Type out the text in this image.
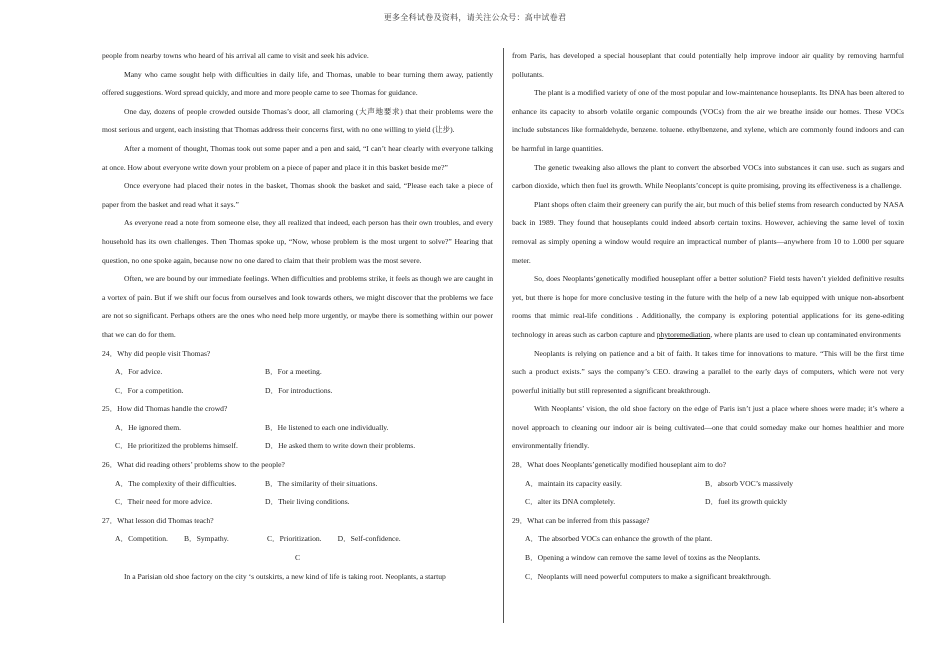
更多全科试卷及资料，请关注公众号：高中试卷君

people from nearby towns who heard of his arrival all came to visit and seek his advice.

Many who came sought help with difficulties in daily life, and Thomas, unable to bear turning them away, patiently offered suggestions. Word spread quickly, and more and more people came to see Thomas for guidance.

One day, dozens of people crowded outside Thomas’s door, all clamoring (大声地要求) that their problems were the most serious and urgent, each insisting that Thomas address their concerns first, with no one willing to yield (让步).

After a moment of thought, Thomas took out some paper and a pen and said, “I can’t hear clearly with everyone talking at once. How about everyone write down your problem on a piece of paper and place it in this basket beside me?”

Once everyone had placed their notes in the basket, Thomas shook the basket and said, “Please each take a piece of paper from the basket and read what it says.”

As everyone read a note from someone else, they all realized that indeed, each person has their own troubles, and every household has its own challenges. Then Thomas spoke up, “Now, whose problem is the most urgent to solve?” Hearing that question, no one spoke again, because now no one dared to claim that their problem was the most severe.

Often, we are bound by our immediate feelings. When difficulties and problems strike, it feels as though we are caught in a vortex of pain. But if we shift our focus from ourselves and look towards others, we might discover that the problems we face are not so significant. Perhaps others are the ones who need help more urgently, or maybe there is something within our power that we can do for them.

24．Why did people visit Thomas?

A．For advice.	B．For a meeting.
C．For a competition.	D．For introductions.

25．How did Thomas handle the crowd?

A．He ignored them.	B．He listened to each one individually.
C．He prioritized the problems himself.	D．He asked them to write down their problems.

26．What did reading others’ problems show to the people?

A．The complexity of their difficulties.	B．The similarity of their situations.
C．Their need for more advice.	D．Their living conditions.

27．What lesson did Thomas teach?

A．Competition. B．Sympathy.	C．Prioritization. D．Self-confidence.

C

In a Parisian old shoe factory on the city ‘s outskirts, a new kind of life is taking root. Neoplants, a startup

from Paris, has developed a special houseplant that could potentially help improve indoor air quality by removing harmful pollutants.

The plant is a modified variety of one of the most popular and low-maintenance houseplants. Its DNA has been altered to enhance its capacity to absorb volatile organic compounds (VOCs) from the air we breathe inside our homes. These VOCs include substances like formaldehyde, benzene. toluene. ethylbenzene, and xylene, which are commonly found indoors and can be harmful in large quantities.

The genetic tweaking also allows the plant to convert the absorbed VOCs into substances it can use. such as sugars and carbon dioxide, which then fuel its growth. While Neoplants’concept is quite promising, proving its effectiveness is a challenge.

Plant shops often claim their greenery can purify the air, but much of this belief stems from research conducted by NASA back in 1989. They found that houseplants could indeed absorb certain toxins. However, achieving the same level of toxin removal as simply opening a window would require an impractical number of plants—anywhere from 10 to 1.000 per square meter.

So, does Neoplants’genetically modified houseplant offer a better solution? Field tests haven’t yielded definitive results yet, but there is hope for more conclusive testing in the future with the help of a new lab equipped with unique non-absorbent rooms that mimic real-life conditions . Additionally, the company is exploring potential applications for its gene-editing technology in areas such as carbon capture and phytoremediation, where plants are used to clean up contaminated environments

Neoplants is relying on patience and a bit of faith. It takes time for innovations to mature. “This will be the first time such a product exists.” says the company’s CEO. drawing a parallel to the early days of computers, which were not very powerful initially but still represented a significant breakthrough.

With Neoplants’ vision, the old shoe factory on the edge of Paris isn’t just a place where shoes were made; it’s where a novel approach to cleaning our indoor air is being cultivated—one that could someday make our homes healthier and more environmentally friendly.

28．What does Neoplants’genetically modified houseplant aim to do?

A．maintain its capacity easily.	B．absorb VOC’s massively
C．alter its DNA completely.	D．fuel its growth quickly

29．What can be inferred from this passage?

A．The absorbed VOCs can enhance the growth of the plant.
B．Opening a window can remove the same level of toxins as the Neoplants.
C．Neoplants will need powerful computers to make a significant breakthrough.
